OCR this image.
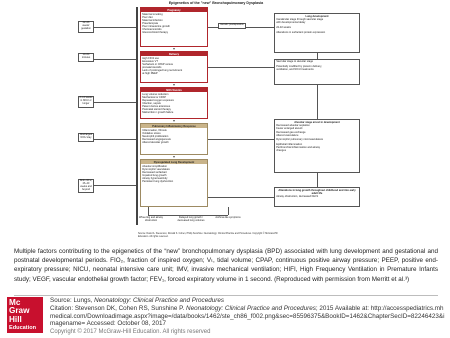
Epigenetics of the "new" Bronchopulmonary Dysplasia
22–26 weeks' gestation
10–60 minutes
8–14 weeks in NICU or longer
Discharged NICU stay
Birth–36 w; 26–40 weeks and beyond
Pregnancy
Maternal smoking
Poor diet
Maternal infection
Preeclampsia
Poor intrauterine growth
Chorioamnionitis
Glucocorticoid therapy
Genetic predisposition
Delivery
High FIO2 use
Excessive VT
Surfactant or CPAP versus
prenatal steroids
Lack of prolonged lung recruitment
at high PEEP
NICU Events
Lung volume reduction
Mechanical or CPAP
Repeated oxygen exposure
Infection, sepsis
Patent ductus arteriosus
Postnatal steroid therapy
Malnutrition / growth failure
Pulmonary Inflammatory Response
Inflammation, fibrosis
Oxidative stress
Neutrophil proliferation
Decreased angiogenesis
Altered alveolar growth
Dysregulated Lung Development
Alveolar simplification
Dysmorphic vasculature
Decreased surfactant
Impaired lung growth
Airway hyperreactivity
Persistent lung dysfunction
Lung development
Canalicular stage through saccular stage
with developmental delay
22-32 weeks
Alterations in surfactant protein expression
Saccular stage to alveolar stage
Potentially modified by preterm delivery,
ventilation, and NICU treatments
Alveolar stage arrest in development
Decreased alveolar septation
Fewer enlarged alveoli
Decreased gas exchange
Altered vasculature
Dysmorphic pulmonary microvasculature
Epithelial inflammation
Peribronchial inflammation and airway
changes
Alterations in lung growth throughout childhood and into early adult life
Airway obstruction, decreased FEV1
Wheezing and airway obstruction
Delayed lung growth / decreased lung volumes
Asthma-like symptoms
Source: David A. Stevenson, Ronald S. Cohen, Philip Sunshine: Neonatology: Clinical Practice and Procedures. Copyright © McGraw-Hill Education. All rights reserved.
Multiple factors contributing to the epigenetics of the “new” bronchopulmonary dysplasia (BPD) associated with lung development and gestational and postnatal developmental periods. FIO₂, fraction of inspired oxygen; Vₜ, tidal volume; CPAP, continuous positive airway pressure; PEEP, positive end-expiratory pressure; NICU, neonatal intensive care unit; IMV, invasive mechanical ventilation; HIFI, High Frequency Ventilation in Premature Infants study; VEGF, vascular endothelial growth factor; FEV₁, forced expiratory volume in 1 second. (Reproduced with permission from Merritt et al.³)
Mc
Graw
Hill
Education
Source: Lungs, Neonatology: Clinical Practice and Procedures
Citation: Stevenson DK, Cohen RS, Sunshine P. Neonatology: Clinical Practice and Procedures; 2015 Available at: http://accesspediatrics.mhmedical.com/Downloadimage.aspx?image=/data/books/1462/ste_ch86_f002.png&sec=85596375&BookID=1462&ChapterSecID=82246423&imagename= Accessed: October 08, 2017
Copyright © 2017 McGraw-Hill Education. All rights reserved
